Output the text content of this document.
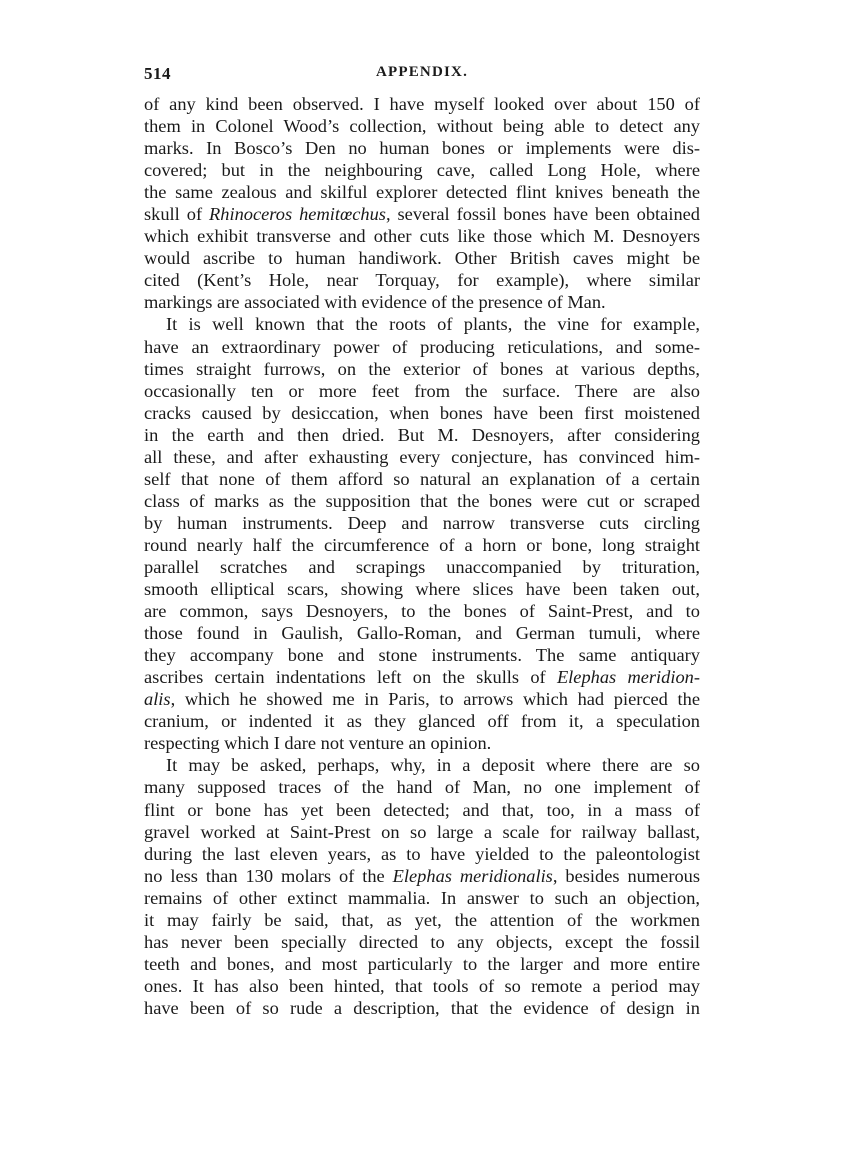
514	APPENDIX.
of any kind been observed. I have myself looked over about 150 of
them in Colonel Wood’s collection, without being able to detect any
marks. In Bosco’s Den no human bones or implements were dis-
covered; but in the neighbouring cave, called Long Hole, where
the same zealous and skilful explorer detected flint knives beneath the
skull of Rhinoceros hemitœchus, several fossil bones have been obtained
which exhibit transverse and other cuts like those which M. Desnoyers
would ascribe to human handiwork. Other British caves might be
cited (Kent’s Hole, near Torquay, for example), where similar
markings are associated with evidence of the presence of Man.
It is well known that the roots of plants, the vine for example,
have an extraordinary power of producing reticulations, and some-
times straight furrows, on the exterior of bones at various depths,
occasionally ten or more feet from the surface. There are also
cracks caused by desiccation, when bones have been first moistened
in the earth and then dried. But M. Desnoyers, after considering
all these, and after exhausting every conjecture, has convinced him-
self that none of them afford so natural an explanation of a certain
class of marks as the supposition that the bones were cut or scraped
by human instruments. Deep and narrow transverse cuts circling
round nearly half the circumference of a horn or bone, long straight
parallel scratches and scrapings unaccompanied by trituration,
smooth elliptical scars, showing where slices have been taken out,
are common, says Desnoyers, to the bones of Saint-Prest, and to
those found in Gaulish, Gallo-Roman, and German tumuli, where
they accompany bone and stone instruments. The same antiquary
ascribes certain indentations left on the skulls of Elephas meridion-
alis, which he showed me in Paris, to arrows which had pierced the
cranium, or indented it as they glanced off from it, a speculation
respecting which I dare not venture an opinion.
It may be asked, perhaps, why, in a deposit where there are so
many supposed traces of the hand of Man, no one implement of
flint or bone has yet been detected; and that, too, in a mass of
gravel worked at Saint-Prest on so large a scale for railway ballast,
during the last eleven years, as to have yielded to the paleontologist
no less than 130 molars of the Elephas meridionalis, besides numerous
remains of other extinct mammalia. In answer to such an objection,
it may fairly be said, that, as yet, the attention of the workmen
has never been specially directed to any objects, except the fossil
teeth and bones, and most particularly to the larger and more entire
ones. It has also been hinted, that tools of so remote a period may
have been of so rude a description, that the evidence of design in
